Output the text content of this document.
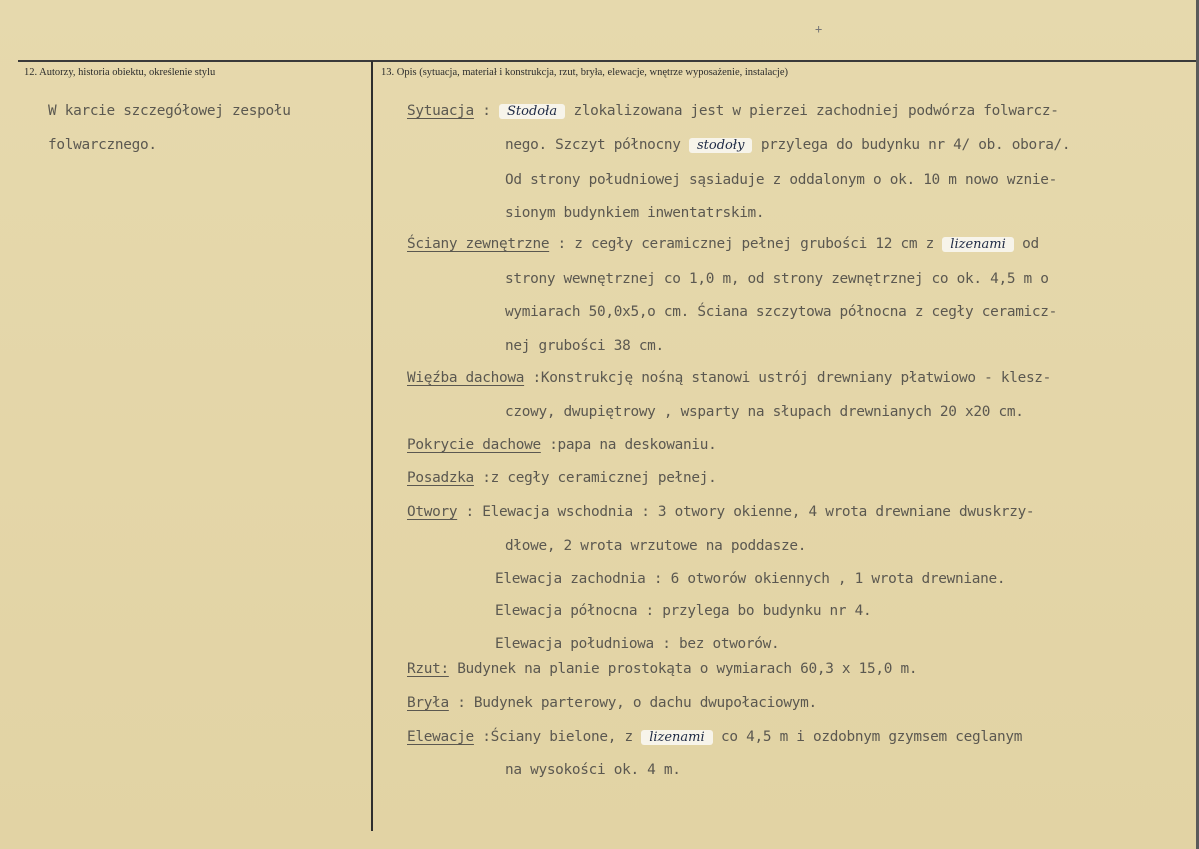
+
12. Autorzy, historia obiektu, określenie stylu	13. Opis (sytuacja, materiał i konstrukcja, rzut, bryła, elewacje, wnętrze wyposażenie, instalacje)
W karcie szczegółowej zespołu
folwarcznego.
Sytuacja : Stodoła zlokalizowana jest w pierzei zachodniej podwórza folwarcz-
nego. Szczyt północny stodoły przylega do budynku nr 4/ ob. obora/.
Od strony południowej sąsiaduje z oddalonym o ok. 10 m nowo wznie-
sionym budynkiem inwentatrskim.
Ściany zewnętrzne : z cegły ceramicznej pełnej grubości 12 cm z lizenami od
strony wewnętrznej co 1,0 m, od strony zewnętrznej co ok. 4,5 m o
wymiarach 50,0x5,o cm. Ściana szczytowa północna z cegły ceramicz-
nej grubości 38 cm.
Więźba dachowa :Konstrukcję nośną stanowi ustrój drewniany płatwiowo - klesz-
czowy, dwupiętrowy , wsparty na słupach drewnianych 20 x20 cm.
Pokrycie dachowe :papa na deskowaniu.
Posadzka :z cegły ceramicznej pełnej.
Otwory : Elewacja wschodnia : 3 otwory okienne, 4 wrota drewniane dwuskrzy-
dłowe, 2 wrota wrzutowe na poddasze.
Elewacja zachodnia : 6 otworów okiennych , 1 wrota drewniane.
Elewacja północna : przylega bo budynku nr 4.
Elewacja południowa : bez otworów.
Rzut: Budynek na planie prostokąta o wymiarach 60,3 x 15,0 m.
Bryła : Budynek parterowy, o dachu dwupołaciowym.
Elewacje :Ściany bielone, z lizenami co 4,5 m i ozdobnym gzymsem ceglanym
na wysokości ok. 4 m.
